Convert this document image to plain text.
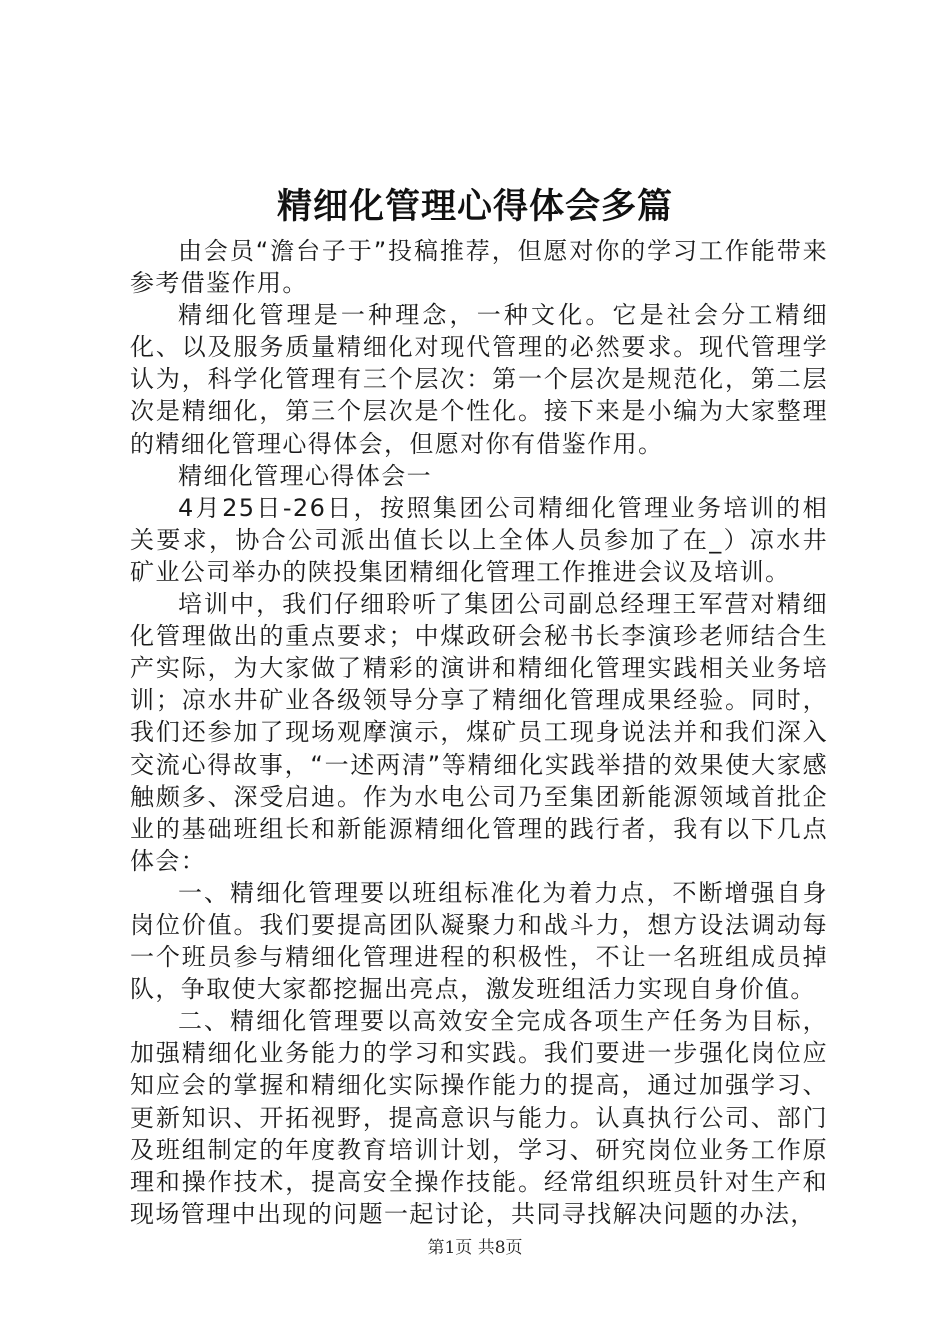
精细化管理心得体会多篇

由会员“澹台子于”投稿推荐，但愿对你的学习工作能带来参考借鉴作用。

精细化管理是一种理念，一种文化。它是社会分工精细化、以及服务质量精细化对现代管理的必然要求。现代管理学认为，科学化管理有三个层次：第一个层次是规范化，第二层次是精细化，第三个层次是个性化。接下来是小编为大家整理的精细化管理心得体会，但愿对你有借鉴作用。

精细化管理心得体会一

4月25日-26日，按照集团公司精细化管理业务培训的相关要求，协合公司派出值长以上全体人员参加了在_）凉水井矿业公司举办的陕投集团精细化管理工作推进会议及培训。

培训中，我们仔细聆听了集团公司副总经理王军营对精细化管理做出的重点要求；中煤政研会秘书长李演珍老师结合生产实际，为大家做了精彩的演讲和精细化管理实践相关业务培训；凉水井矿业各级领导分享了精细化管理成果经验。同时，我们还参加了现场观摩演示，煤矿员工现身说法并和我们深入交流心得故事，“一述两清”等精细化实践举措的效果使大家感触颇多、深受启迪。作为水电公司乃至集团新能源领域首批企业的基础班组长和新能源精细化管理的践行者，我有以下几点体会：

一、精细化管理要以班组标准化为着力点，不断增强自身岗位价值。我们要提高团队凝聚力和战斗力，想方设法调动每一个班员参与精细化管理进程的积极性，不让一名班组成员掉队，争取使大家都挖掘出亮点，激发班组活力实现自身价值。

二、精细化管理要以高效安全完成各项生产任务为目标，加强精细化业务能力的学习和实践。我们要进一步强化岗位应知应会的掌握和精细化实际操作能力的提高，通过加强学习、更新知识、开拓视野，提高意识与能力。认真执行公司、部门及班组制定的年度教育培训计划，学习、研究岗位业务工作原理和操作技术，提高安全操作技能。经常组织班员针对生产和现场管理中出现的问题一起讨论，共同寻找解决问题的办法，

第1页 共8页
